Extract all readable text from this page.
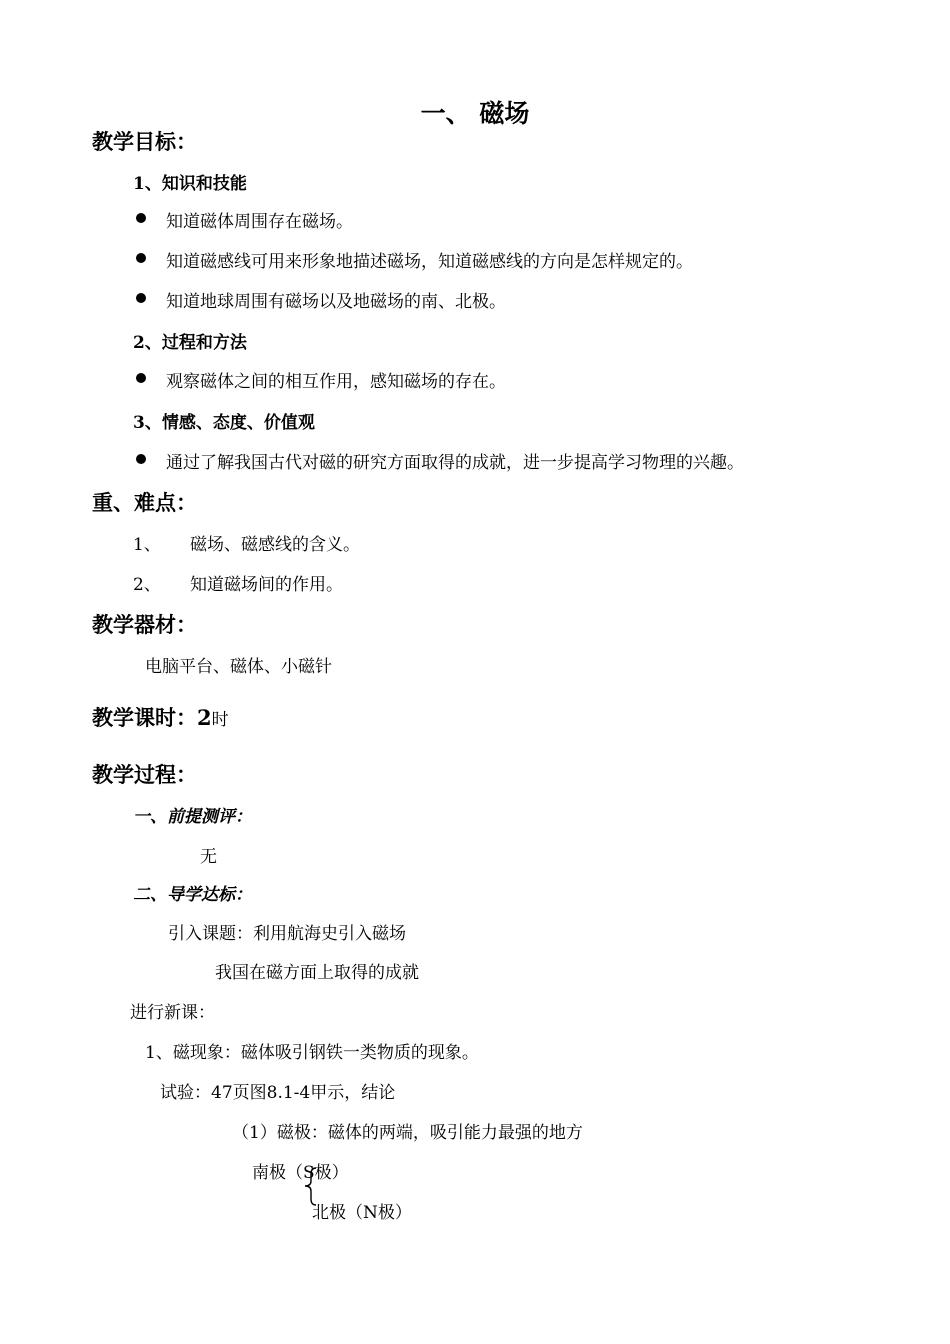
一、 磁场
教学目标：
1、知识和技能
知道磁体周围存在磁场。
知道磁感线可用来形象地描述磁场，知道磁感线的方向是怎样规定的。
知道地球周围有磁场以及地磁场的南、北极。
2、过程和方法
观察磁体之间的相互作用，感知磁场的存在。
3、情感、态度、价值观
通过了解我国古代对磁的研究方面取得的成就，进一步提高学习物理的兴趣。
重、难点：
1、 磁场、磁感线的含义。
2、 知道磁场间的作用。
教学器材：
电脑平台、磁体、小磁针
教学课时：2时
教学过程：
一、前提测评：
无
二、导学达标：
引入课题：利用航海史引入磁场
我国在磁方面上取得的成就
进行新课：
1、磁现象：磁体吸引钢铁一类物质的现象。
试验：47页图8.1-4甲示，结论
（1）磁极：磁体的两端，吸引能力最强的地方
南极（S极）
北极（N极）
